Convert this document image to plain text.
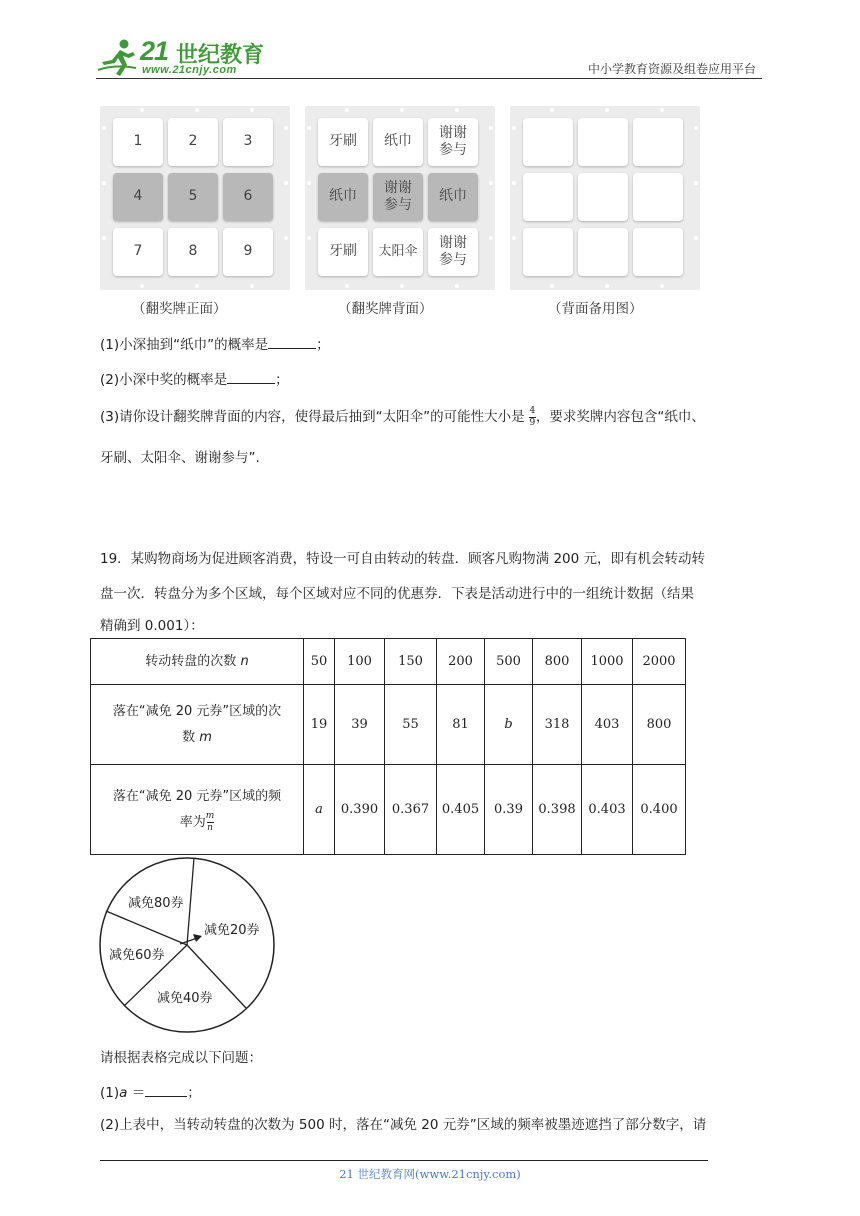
21 世纪教育
www.21cnjy.com	中小学教育资源及组卷应用平台
1	2	3
4	5	6
7	8	9
（翻奖牌正面）
牙刷	纸巾
谢谢参与
纸巾
谢谢参与
纸巾
牙刷	太阳伞
谢谢参与
（翻奖牌背面）	（背面备用图）
(1)小深抽到“纸巾”的概率是	；
(2)小深中奖的概率是	；
(3)请你设计翻奖牌背面的内容，使得最后抽到“太阳伞”的可能性大小是 $\frac{4}{9}$ ，要求奖牌内容包含“纸巾、
牙刷、太阳伞、谢谢参与”.
19．某购物商场为促进顾客消费，特设一可自由转动的转盘．顾客凡购物满 200 元，即有机会转动转
盘一次．转盘分为多个区域，每个区域对应不同的优惠券．下表是活动进行中的一组统计数据（结果
精确到 0.001）：
转动转盘的次数 n	50	100	150	200	500	800	1000	2000

落在“减免 20 元券”区域的次
数 m	19	39	55	81	b	318	403	800

落在“减免 20 元券”区域的频
率为 $\frac{m}{n}$	a	0.390	0.367	0.405	0.39	0.398	0.403	0.400
减免80券
减免20券
减免60券
减免40券
请根据表格完成以下问题：
(1)a ＝	；
(2)上表中，当转动转盘的次数为 500 时，落在“减免 20 元券”区域的频率被墨迹遮挡了部分数字，请
21 世纪教育网(www.21cnjy.com)
